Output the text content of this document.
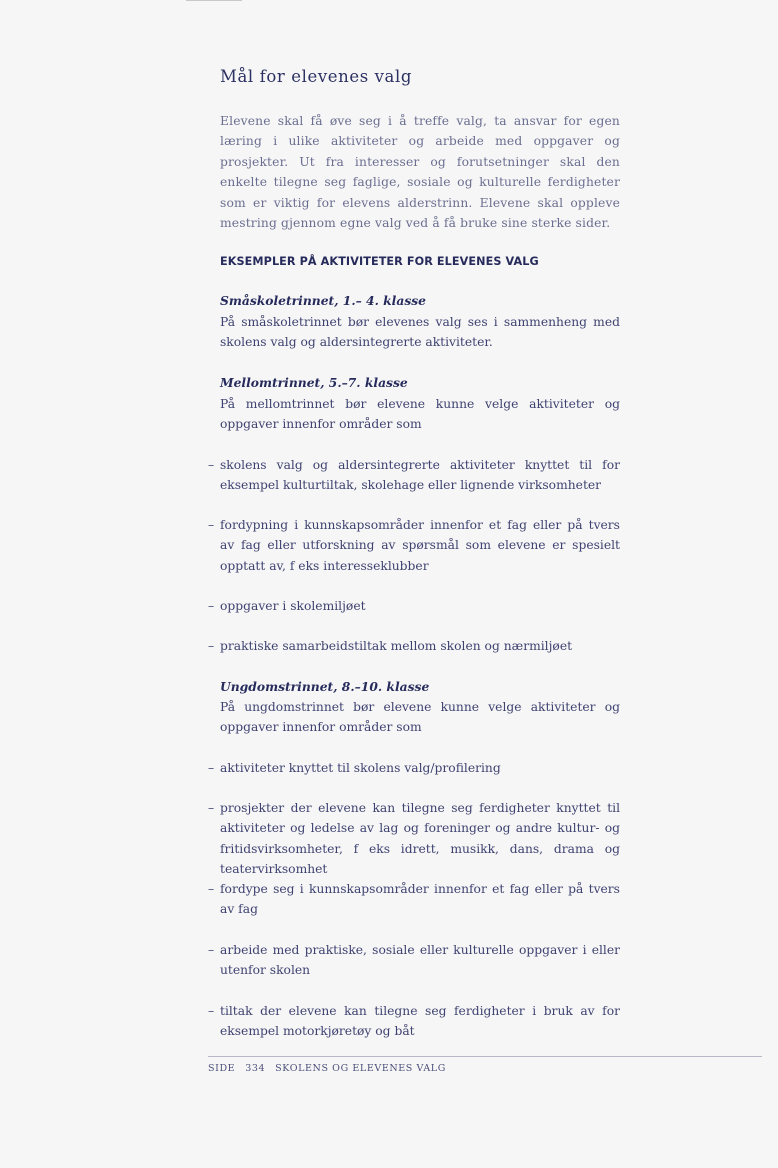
Mål for elevenes valg

Elevene skal få øve seg i å treffe valg, ta ansvar for egen læring i ulike aktiviteter og arbeide med oppgaver og prosjekter. Ut fra interesser og forutsetninger skal den enkelte tilegne seg faglige, sosiale og kulturelle ferdigheter som er viktig for elevens alderstrinn. Elevene skal oppleve mestring gjennom egne valg ved å få bruke sine sterke sider.

EKSEMPLER PÅ AKTIVITETER FOR ELEVENES VALG
Småskoletrinnet, 1.– 4. klasse

På småskoletrinnet bør elevenes valg ses i sammenheng med skolens valg og aldersintegrerte aktiviteter.

Mellomtrinnet, 5.–7. klasse

På mellomtrinnet bør elevene kunne velge aktiviteter og oppgaver innenfor områder som

– skolens valg og aldersintegrerte aktiviteter knyttet til for eksempel kulturtiltak, skolehage eller lignende virksomheter
– fordypning i kunnskapsområder innenfor et fag eller på tvers av fag eller utforskning av spørsmål som elevene er spesielt opptatt av, f eks interesseklubber
– oppgaver i skolemiljøet
– praktiske samarbeidstiltak mellom skolen og nærmiljøet
Ungdomstrinnet, 8.–10. klasse

På ungdomstrinnet bør elevene kunne velge aktiviteter og oppgaver innenfor områder som

– aktiviteter knyttet til skolens valg/profilering
– prosjekter der elevene kan tilegne seg ferdigheter knyttet til aktiviteter og ledelse av lag og foreninger og andre kultur- og fritidsvirksomheter, f eks idrett, musikk, dans, drama og teatervirksomhet
– fordype seg i kunnskapsområder innenfor et fag eller på tvers av fag
– arbeide med praktiske, sosiale eller kulturelle oppgaver i eller utenfor skolen
– tiltak der elevene kan tilegne seg ferdigheter i bruk av for eksempel motorkjøretøy og båt
SIDE 334 SKOLENS OG ELEVENES VALG
